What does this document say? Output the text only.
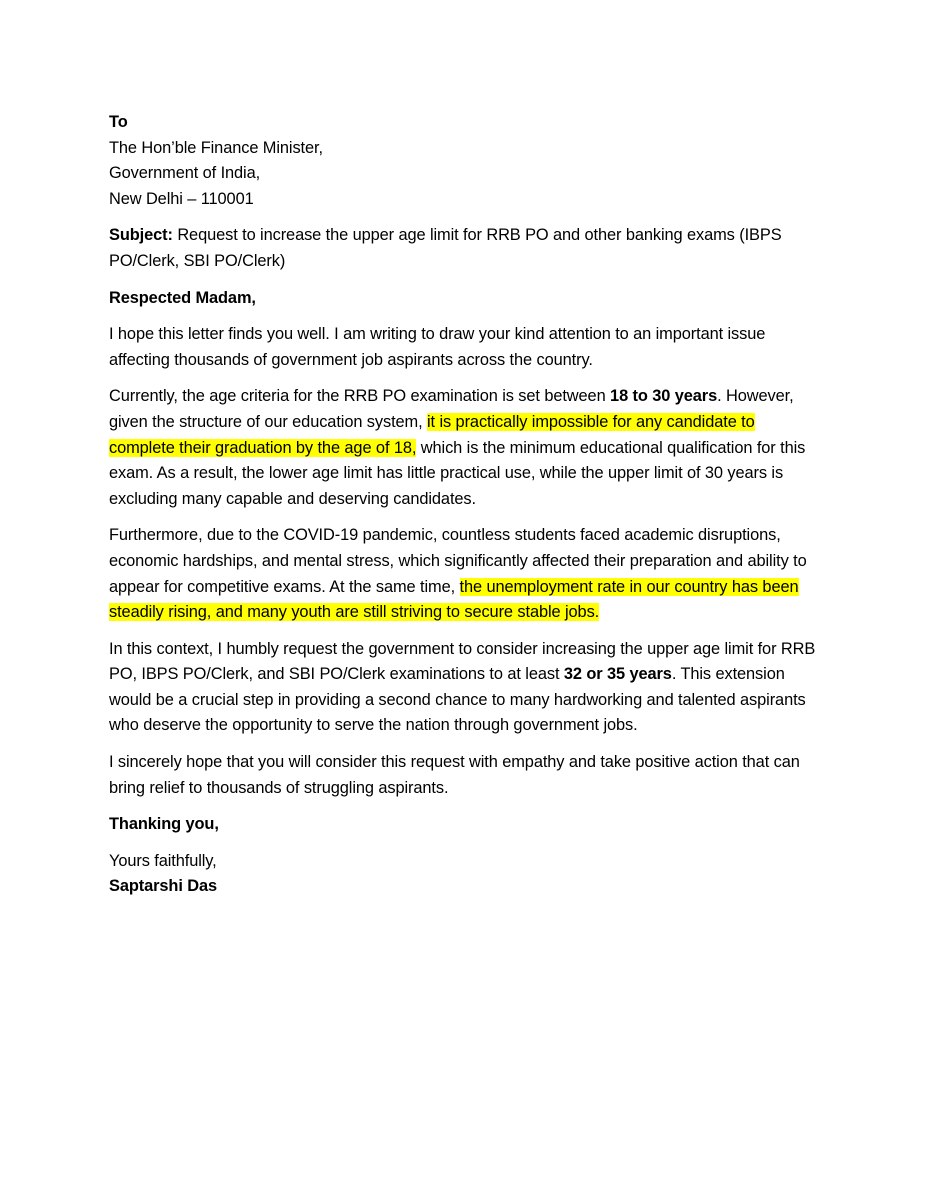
To
The Hon’ble Finance Minister,
Government of India,
New Delhi – 110001

Subject: Request to increase the upper age limit for RRB PO and other banking exams (IBPS PO/Clerk, SBI PO/Clerk)

Respected Madam,

I hope this letter finds you well. I am writing to draw your kind attention to an important issue affecting thousands of government job aspirants across the country.

Currently, the age criteria for the RRB PO examination is set between 18 to 30 years. However, given the structure of our education system, it is practically impossible for any candidate to complete their graduation by the age of 18, which is the minimum educational qualification for this exam. As a result, the lower age limit has little practical use, while the upper limit of 30 years is excluding many capable and deserving candidates.

Furthermore, due to the COVID-19 pandemic, countless students faced academic disruptions, economic hardships, and mental stress, which significantly affected their preparation and ability to appear for competitive exams. At the same time, the unemployment rate in our country has been steadily rising, and many youth are still striving to secure stable jobs.

In this context, I humbly request the government to consider increasing the upper age limit for RRB PO, IBPS PO/Clerk, and SBI PO/Clerk examinations to at least 32 or 35 years. This extension would be a crucial step in providing a second chance to many hardworking and talented aspirants who deserve the opportunity to serve the nation through government jobs.

I sincerely hope that you will consider this request with empathy and take positive action that can bring relief to thousands of struggling aspirants.

Thanking you,

Yours faithfully,
Saptarshi Das
